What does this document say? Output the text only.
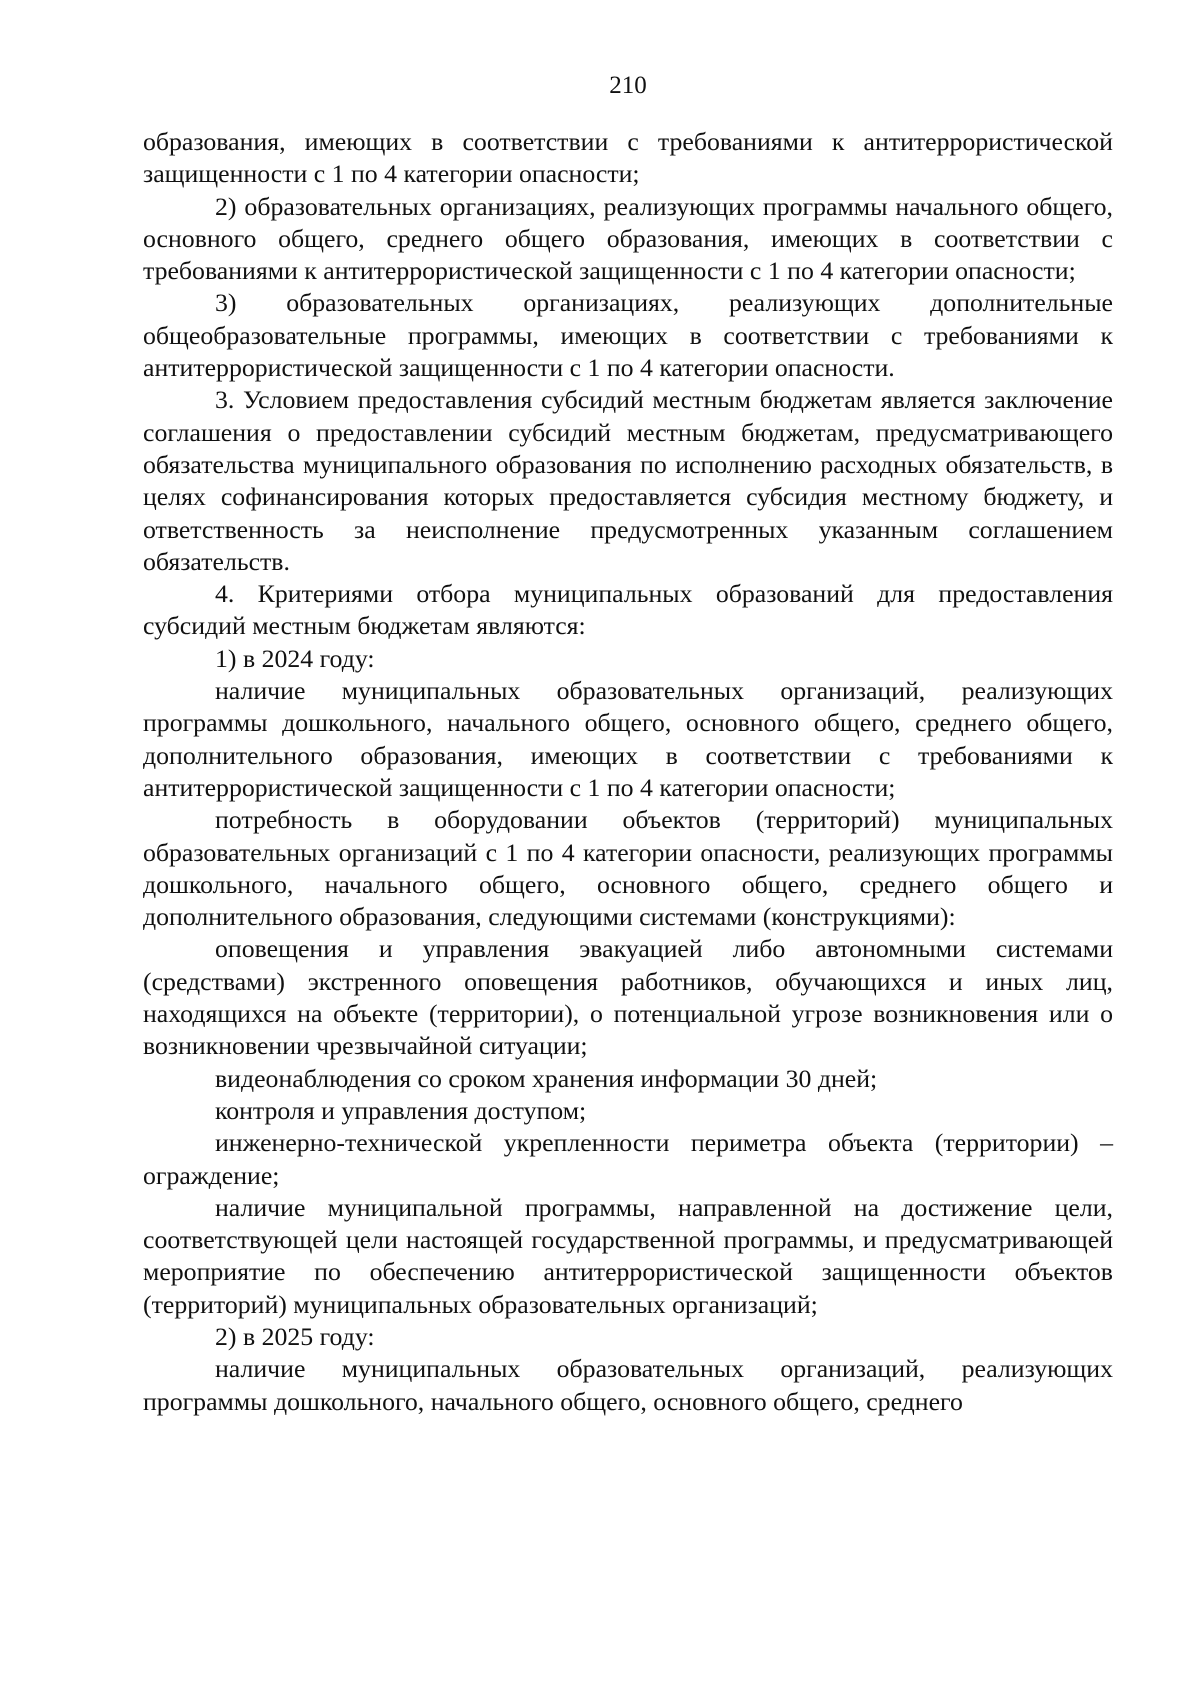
210

образования, имеющих в соответствии с требованиями к антитеррористической защищенности с 1 по 4 категории опасности;

2) образовательных организациях, реализующих программы начального общего, основного общего, среднего общего образования, имеющих в соответствии с требованиями к антитеррористической защищенности с 1 по 4 категории опасности;

3) образовательных организациях, реализующих дополнительные общеобразовательные программы, имеющих в соответствии с требованиями к антитеррористической защищенности с 1 по 4 категории опасности.

3. Условием предоставления субсидий местным бюджетам является заключение соглашения о предоставлении субсидий местным бюджетам, предусматривающего обязательства муниципального образования по исполнению расходных обязательств, в целях софинансирования которых предоставляется субсидия местному бюджету, и ответственность за неисполнение предусмотренных указанным соглашением обязательств.

4. Критериями отбора муниципальных образований для предоставления субсидий местным бюджетам являются:

1) в 2024 году:

наличие муниципальных образовательных организаций, реализующих программы дошкольного, начального общего, основного общего, среднего общего, дополнительного образования, имеющих в соответствии с требованиями к антитеррористической защищенности с 1 по 4 категории опасности;

потребность в оборудовании объектов (территорий) муниципальных образовательных организаций с 1 по 4 категории опасности, реализующих программы дошкольного, начального общего, основного общего, среднего общего и дополнительного образования, следующими системами (конструкциями):

оповещения и управления эвакуацией либо автономными системами (средствами) экстренного оповещения работников, обучающихся и иных лиц, находящихся на объекте (территории), о потенциальной угрозе возникновения или о возникновении чрезвычайной ситуации;

видеонаблюдения со сроком хранения информации 30 дней;

контроля и управления доступом;

инженерно-технической укрепленности периметра объекта (территории) – ограждение;

наличие муниципальной программы, направленной на достижение цели, соответствующей цели настоящей государственной программы, и предусматривающей мероприятие по обеспечению антитеррористической защищенности объектов (территорий) муниципальных образовательных организаций;

2) в 2025 году:

наличие муниципальных образовательных организаций, реализующих программы дошкольного, начального общего, основного общего, среднего
